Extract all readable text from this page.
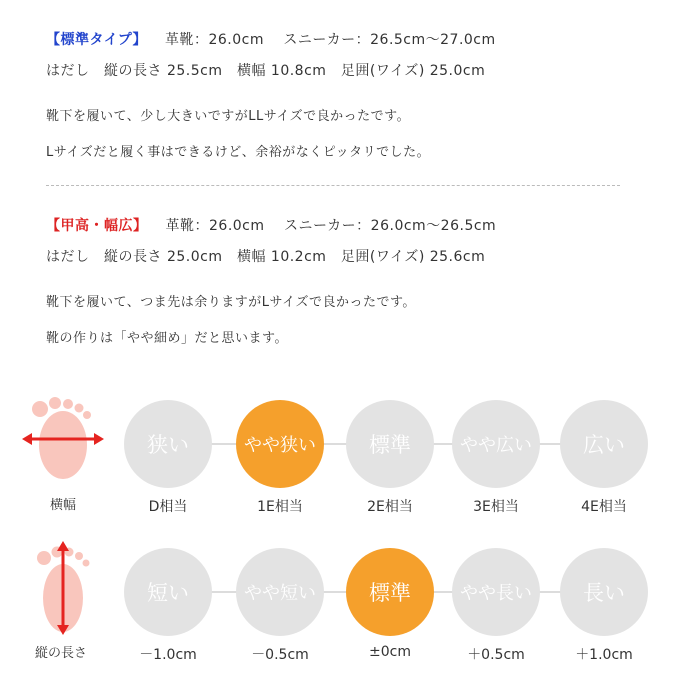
【標準タイプ】 革靴：26.0cm　 スニーカー：26.5cm～27.0cm
はだし　縦の長さ 25.5cm　横幅 10.8cm　足囲(ワイズ) 25.0cm
靴下を履いて、少し大きいですがLLサイズで良かったです。
Lサイズだと履く事はできるけど、余裕がなくピッタリでした。
【甲高・幅広】 革靴：26.0cm　 スニーカー：26.0cm～26.5cm
はだし　縦の長さ 25.0cm　横幅 10.2cm　足囲(ワイズ) 25.6cm
靴下を履いて、つま先は余りますがLサイズで良かったです。
靴の作りは「やや細め」だと思います。
横幅
狭い	やや狭い	標準	やや広い	広い
D相当	1E相当	2E相当	3E相当	4E相当
縦の長さ
短い	やや短い	標準	やや長い	長い
－1.0cm	－0.5cm	±0cm	＋0.5cm	＋1.0cm
